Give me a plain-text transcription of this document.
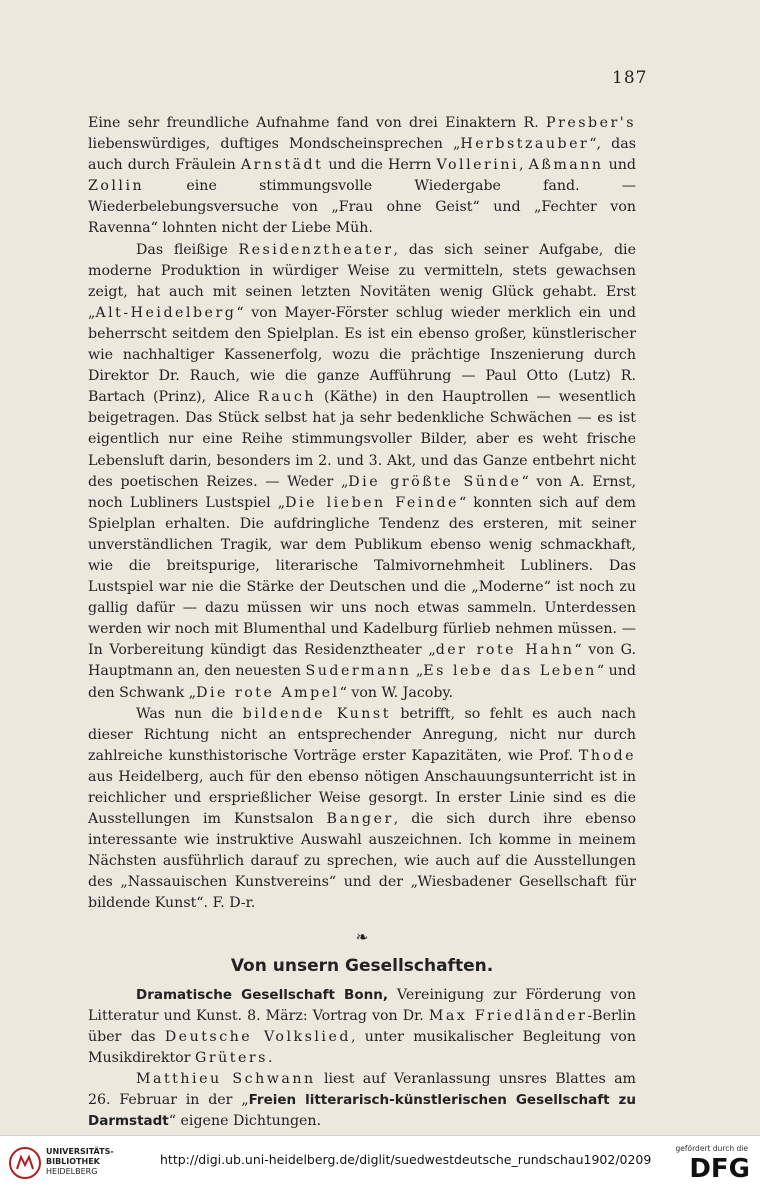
187

Eine sehr freundliche Aufnahme fand von drei Einaktern R. Presber's liebenswürdiges, duftiges Mondscheinsprechen „Herbstzauber“, das auch durch Fräulein Arnstädt und die Herrn Vollerini, Aßmann und Zollin eine stimmungsvolle Wiedergabe fand. — Wiederbelebungsversuche von „Frau ohne Geist“ und „Fechter von Ravenna“ lohnten nicht der Liebe Müh.

Das fleißige Residenztheater, das sich seiner Aufgabe, die moderne Produktion in würdiger Weise zu vermitteln, stets gewachsen zeigt, hat auch mit seinen letzten Novitäten wenig Glück gehabt. Erst „Alt-Heidelberg“ von Mayer-Förster schlug wieder merklich ein und beherrscht seitdem den Spielplan. Es ist ein ebenso großer, künstlerischer wie nachhaltiger Kassenerfolg, wozu die prächtige Inszenierung durch Direktor Dr. Rauch, wie die ganze Aufführung — Paul Otto (Lutz) R. Bartach (Prinz), Alice Rauch (Käthe) in den Hauptrollen — wesentlich beigetragen. Das Stück selbst hat ja sehr bedenkliche Schwächen — es ist eigentlich nur eine Reihe stimmungsvoller Bilder, aber es weht frische Lebensluft darin, besonders im 2. und 3. Akt, und das Ganze entbehrt nicht des poetischen Reizes. — Weder „Die größte Sünde“ von A. Ernst, noch Lubliners Lustspiel „Die lieben Feinde“ konnten sich auf dem Spielplan erhalten. Die aufdringliche Tendenz des ersteren, mit seiner unverständlichen Tragik, war dem Publikum ebenso wenig schmackhaft, wie die breitspurige, literarische Talmivornehmheit Lubliners. Das Lustspiel war nie die Stärke der Deutschen und die „Moderne“ ist noch zu gallig dafür — dazu müssen wir uns noch etwas sammeln. Unterdessen werden wir noch mit Blumenthal und Kadelburg fürlieb nehmen müssen. — In Vorbereitung kündigt das Residenztheater „der rote Hahn“ von G. Hauptmann an, den neuesten Sudermann „Es lebe das Leben“ und den Schwank „Die rote Ampel“ von W. Jacoby.

Was nun die bildende Kunst betrifft, so fehlt es auch nach dieser Richtung nicht an entsprechender Anregung, nicht nur durch zahlreiche kunsthistorische Vorträge erster Kapazitäten, wie Prof. Thode aus Heidelberg, auch für den ebenso nötigen Anschauungsunterricht ist in reichlicher und ersprießlicher Weise gesorgt. In erster Linie sind es die Ausstellungen im Kunstsalon Banger, die sich durch ihre ebenso interessante wie instruktive Auswahl auszeichnen. Ich komme in meinem Nächsten ausführlich darauf zu sprechen, wie auch auf die Ausstellungen des „Nassauischen Kunstvereins“ und der „Wiesbadener Gesellschaft für bildende Kunst“. F. D-r.

❧
Von unsern Gesellschaften.

Dramatische Gesellschaft Bonn, Vereinigung zur Förderung von Litteratur und Kunst. 8. März: Vortrag von Dr. Max Friedländer-Berlin über das Deutsche Volkslied, unter musikalischer Begleitung von Musikdirektor Grüters.

Matthieu Schwann liest auf Veranlassung unsres Blattes am 26. Februar in der „Freien litterarisch-künstlerischen Gesellschaft zu Darmstadt“ eigene Dichtungen.

UNIVERSITÄTS-
BIBLIOTHEK
HEIDELBERG
http://digi.ub.uni-heidelberg.de/diglit/suedwestdeutsche_rundschau1902/0209
gefördert durch die
DFG
